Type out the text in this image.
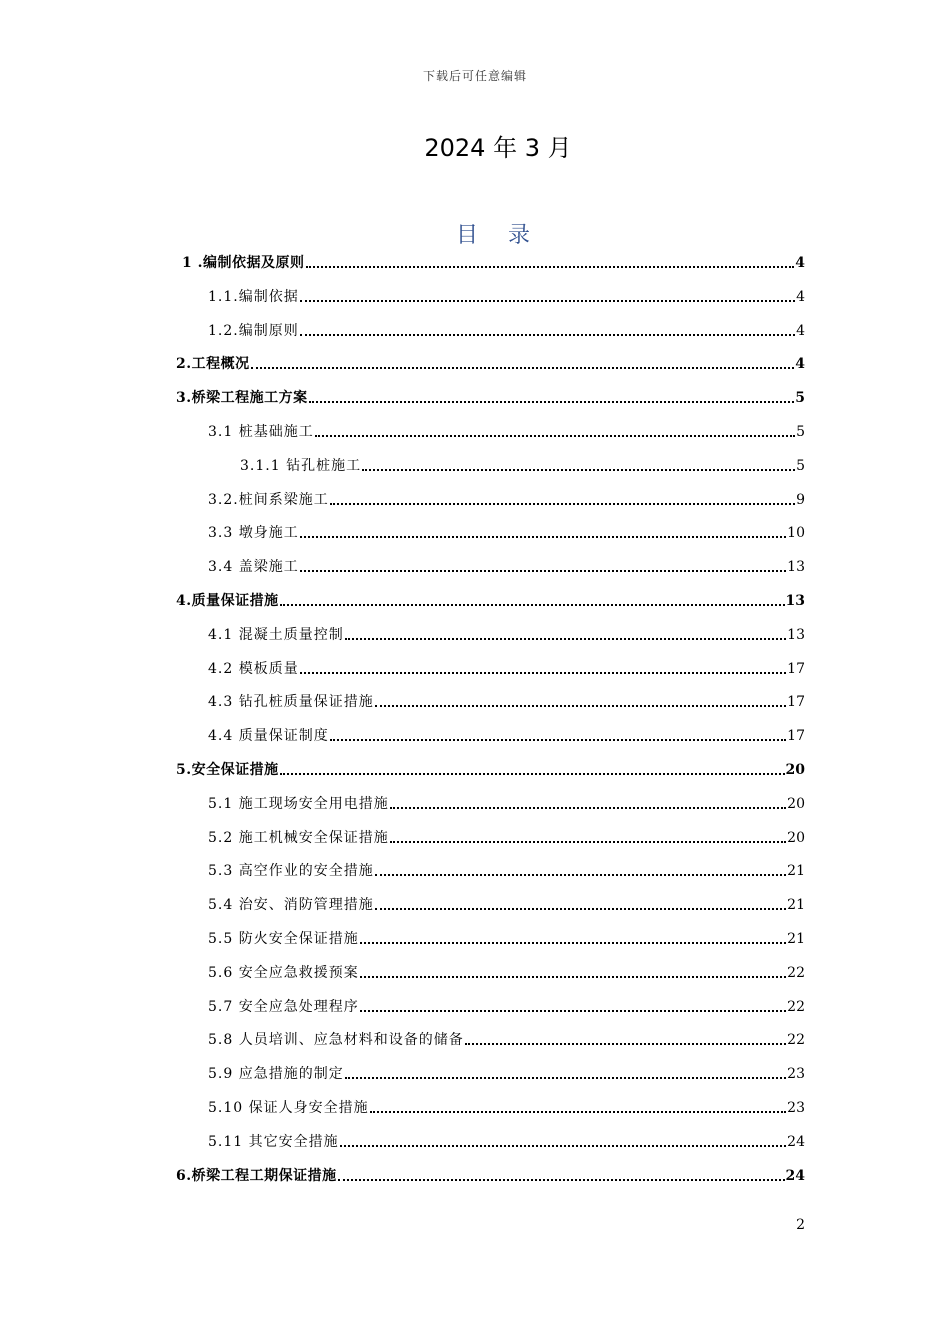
下载后可任意编辑
2024 年 3 月
目录
1 .编制依据及原则	4
1.1.编制依据	4
1.2.编制原则	4
2.工程概况	4
3.桥梁工程施工方案	5
3.1 桩基础施工	5
3.1.1 钻孔桩施工	5
3.2.桩间系梁施工	9
3.3 墩身施工	10
3.4 盖梁施工	13
4.质量保证措施	13
4.1 混凝土质量控制	13
4.2 模板质量	17
4.3 钻孔桩质量保证措施	17
4.4 质量保证制度	17
5.安全保证措施	20
5.1 施工现场安全用电措施	20
5.2 施工机械安全保证措施	20
5.3 高空作业的安全措施	21
5.4 治安、消防管理措施	21
5.5 防火安全保证措施	21
5.6 安全应急救援预案	22
5.7 安全应急处理程序	22
5.8 人员培训、应急材料和设备的储备	22
5.9 应急措施的制定	23
5.10 保证人身安全措施	23
5.11 其它安全措施	24
6.桥梁工程工期保证措施	24
2
